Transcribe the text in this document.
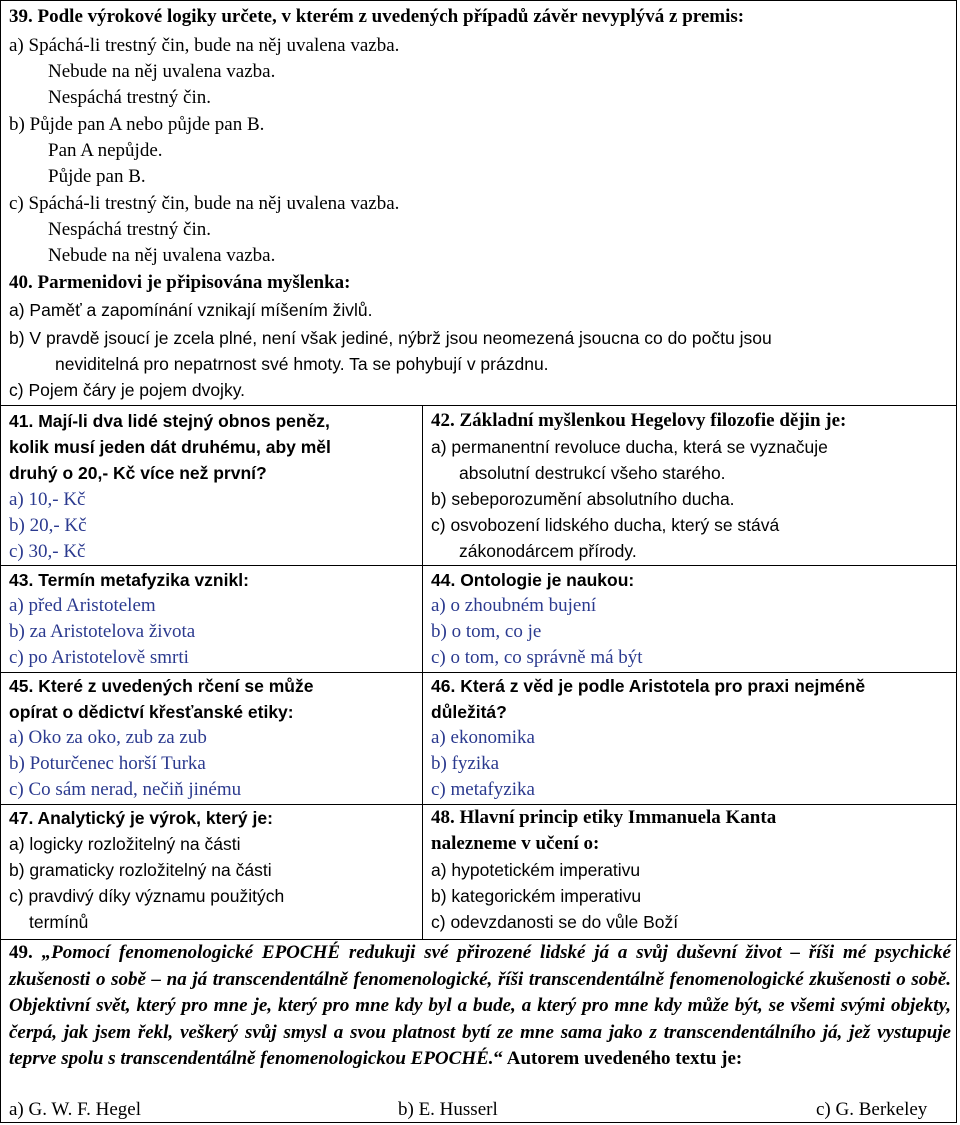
39. Podle výrokové logiky určete, v kterém z uvedených případů závěr nevyplývá z premis:
a) Spáchá-li trestný čin, bude na něj uvalena vazba.
Nebude na něj uvalena vazba.
Nespáchá trestný čin.
b) Půjde pan A nebo půjde pan B.
Pan A nepůjde.
Půjde pan B.
c) Spáchá-li trestný čin, bude na něj uvalena vazba.
Nespáchá trestný čin.
Nebude na něj uvalena vazba.
40. Parmenidovi je připisována myšlenka:
a) Paměť a zapomínání vznikají míšením živlů.
b) V pravdě jsoucí je zcela plné, není však jediné, nýbrž jsou neomezená jsoucna co do počtu jsou
neviditelná pro nepatrnost své hmoty. Ta se pohybují v prázdnu.
c) Pojem čáry je pojem dvojky.
41. Mají-li dva lidé stejný obnos peněz,
kolik musí jeden dát druhému, aby měl
druhý o 20,- Kč více než první?
a) 10,- Kč
b) 20,- Kč
c) 30,- Kč
42. Základní myšlenkou Hegelovy filozofie dějin je:
a) permanentní revoluce ducha, která se vyznačuje
absolutní destrukcí všeho starého.
b) sebeporozumění absolutního ducha.
c) osvobození lidského ducha, který se stává
zákonodárcem přírody.
43. Termín metafyzika vznikl:
a) před Aristotelem
b) za Aristotelova života
c) po Aristotelově smrti
44. Ontologie je naukou:
a) o zhoubném bujení
b) o tom, co je
c) o tom, co správně má být
45. Které z uvedených rčení se může
opírat o dědictví křesťanské etiky:
a) Oko za oko, zub za zub
b) Poturčenec horší Turka
c) Co sám nerad, nečiň jinému
46. Která z věd je podle Aristotela pro praxi nejméně
důležitá?
a) ekonomika
b) fyzika
c) metafyzika
47. Analytický je výrok, který je:
a) logicky rozložitelný na části
b) gramaticky rozložitelný na části
c) pravdivý díky významu použitých
termínů
48. Hlavní princip etiky Immanuela Kanta
nalezneme v učení o:
a) hypotetickém imperativu
b) kategorickém imperativu
c) odevzdanosti se do vůle Boží
49. „Pomocí fenomenologické EPOCHÉ redukuji své přirozené lidské já a svůj duševní život – říši mé psychické zkušenosti o sobě – na já transcendentálně fenomenologické, říši transcendentálně fenomenologické zkušenosti o sobě. Objektivní svět, který pro mne je, který pro mne kdy byl a bude, a který pro mne kdy může být, se všemi svými objekty, čerpá, jak jsem řekl, veškerý svůj smysl a svou platnost bytí ze mne sama jako z transcendentálního já, jež vystupuje teprve spolu s transcendentálně fenomenologickou EPOCHÉ.“ Autorem uvedeného textu je:
a) G. W. F. Hegel	b) E. Husserl	c) G. Berkeley
